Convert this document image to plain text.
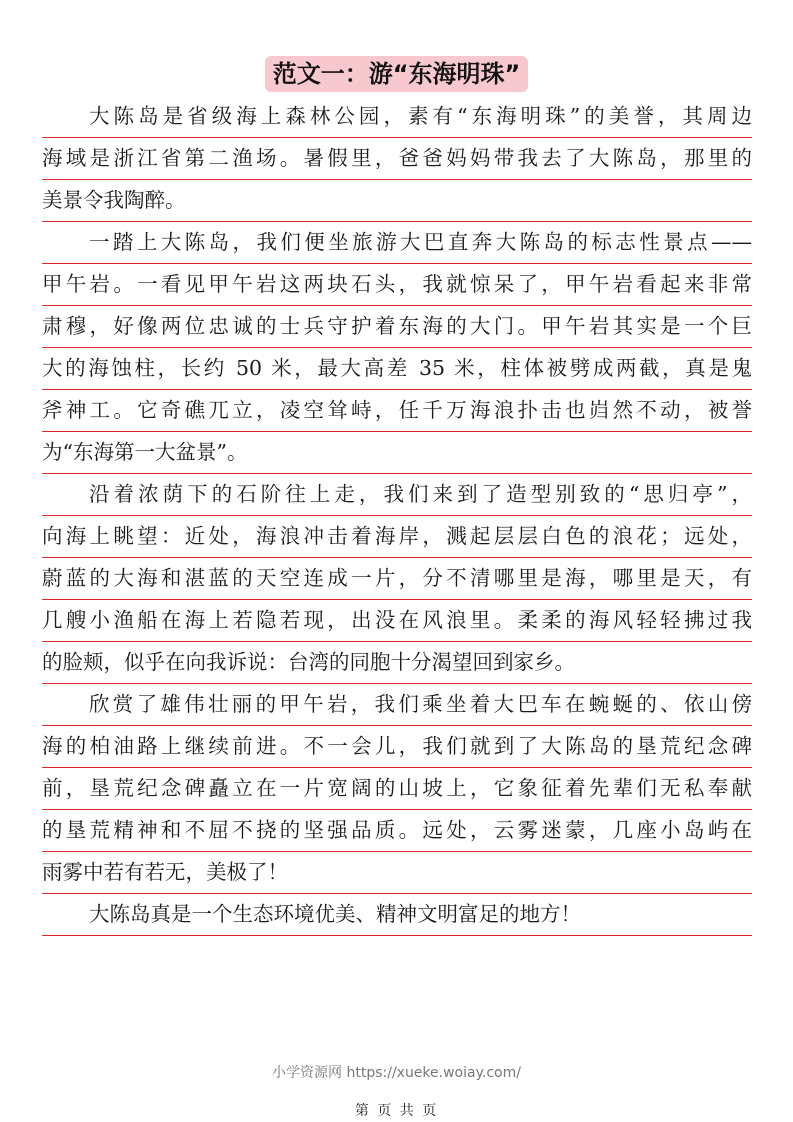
范文一：游“东海明珠”
大陈岛是省级海上森林公园，素有“东海明珠”的美誉，其周边
海域是浙江省第二渔场。暑假里，爸爸妈妈带我去了大陈岛，那里的
美景令我陶醉。
一踏上大陈岛，我们便坐旅游大巴直奔大陈岛的标志性景点——
甲午岩。一看见甲午岩这两块石头，我就惊呆了，甲午岩看起来非常
肃穆，好像两位忠诚的士兵守护着东海的大门。甲午岩其实是一个巨
大的海蚀柱，长约 50 米，最大高差 35 米，柱体被劈成两截，真是鬼
斧神工。它奇礁兀立，凌空耸峙，任千万海浪扑击也岿然不动，被誉
为“东海第一大盆景”。
沿着浓荫下的石阶往上走，我们来到了造型别致的“思归亭”，
向海上眺望：近处，海浪冲击着海岸，溅起层层白色的浪花；远处，
蔚蓝的大海和湛蓝的天空连成一片，分不清哪里是海，哪里是天，有
几艘小渔船在海上若隐若现，出没在风浪里。柔柔的海风轻轻拂过我
的脸颊，似乎在向我诉说：台湾的同胞十分渴望回到家乡。
欣赏了雄伟壮丽的甲午岩，我们乘坐着大巴车在蜿蜒的、依山傍
海的柏油路上继续前进。不一会儿，我们就到了大陈岛的垦荒纪念碑
前，垦荒纪念碑矗立在一片宽阔的山坡上，它象征着先辈们无私奉献
的垦荒精神和不屈不挠的坚强品质。远处，云雾迷蒙，几座小岛屿在
雨雾中若有若无，美极了！
大陈岛真是一个生态环境优美、精神文明富足的地方！
小学资源网 https://xueke.woiay.com/
第 页 共 页
